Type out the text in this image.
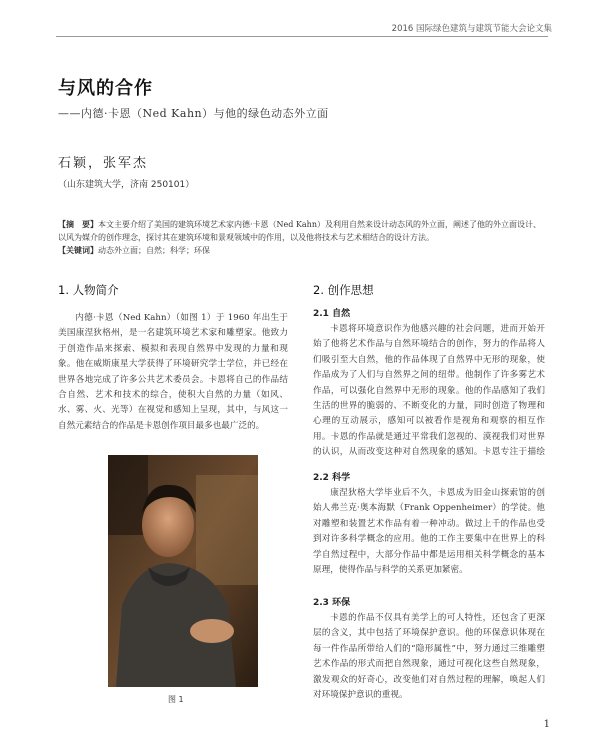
2016 国际绿色建筑与建筑节能大会论文集
与风的合作
——内德·卡恩（Ned Kahn）与他的绿色动态外立面
石颖，张军杰
（山东建筑大学，济南 250101）

【摘　要】本文主要介绍了美国的建筑环境艺术家内德·卡恩（Ned Kahn）及利用自然来设计动态风的外立面，阐述了他的外立面设计、以风为媒介的创作理念，探讨其在建筑环境和景观领域中的作用，以及他将技术与艺术相结合的设计方法。

【关键词】动态外立面；自然；科学；环保

1. 人物简介

内德·卡恩（Ned Kahn）（如图 1）于 1960 年出生于美国康涅狄格州，是一名建筑环境艺术家和雕塑家。他致力于创造作品来探索、模拟和表现自然界中发现的力量和现象。他在威斯康星大学获得了环境研究学士学位，并已经在世界各地完成了许多公共艺术委员会。卡恩将自己的作品结合自然、艺术和技术的综合，使积大自然的力量（如风、水、雾、火、光等）在视觉和感知上呈现，其中，与风这一自然元素结合的作品是卡恩创作项目最多也最广泛的。

图 1
2. 创作思想
2.1 自然

卡恩将环境意识作为他感兴趣的社会问题，进而开始开始了他将艺术作品与自然环境结合的创作，努力的作品将人们吸引至大自然，他的作品体现了自然界中无形的现象，使作品成为了人们与自然界之间的纽带。他制作了许多雾艺术作品，可以强化自然界中无形的现象。他的作品感知了我们生活的世界的脆弱的、不断变化的力量，同时创造了物理和心理的互动展示，感知可以被看作是视角和观察的相互作用。卡恩的作品就是通过平常我们忽视的、漠视我们对世界的认识，从而改变这种对自然现象的感知。卡恩专注于描绘

2.2 科学

康涅狄格大学毕业后不久，卡恩成为旧金山探索馆的创始人弗兰克·奥本海默（Frank Oppenheimer）的学徒。他对雕塑和装置艺术作品有着一种冲动。做过上千的作品也受到对许多科学概念的应用。他的工作主要集中在世界上的科学自然过程中，大部分作品中都是运用相关科学概念的基本原理，使得作品与科学的关系更加紧密。

2.3 环保

卡恩的作品不仅具有美学上的可人特性，还包含了更深层的含义，其中包括了环境保护意识。他的环保意识体现在每一件作品所带给人们的“隐形属性”中，努力通过三维雕塑艺术作品的形式而把自然现象，通过可视化这些自然现象，激发观众的好奇心，改变他们对自然过程的理解，唤起人们对环境保护意识的重视。

1
